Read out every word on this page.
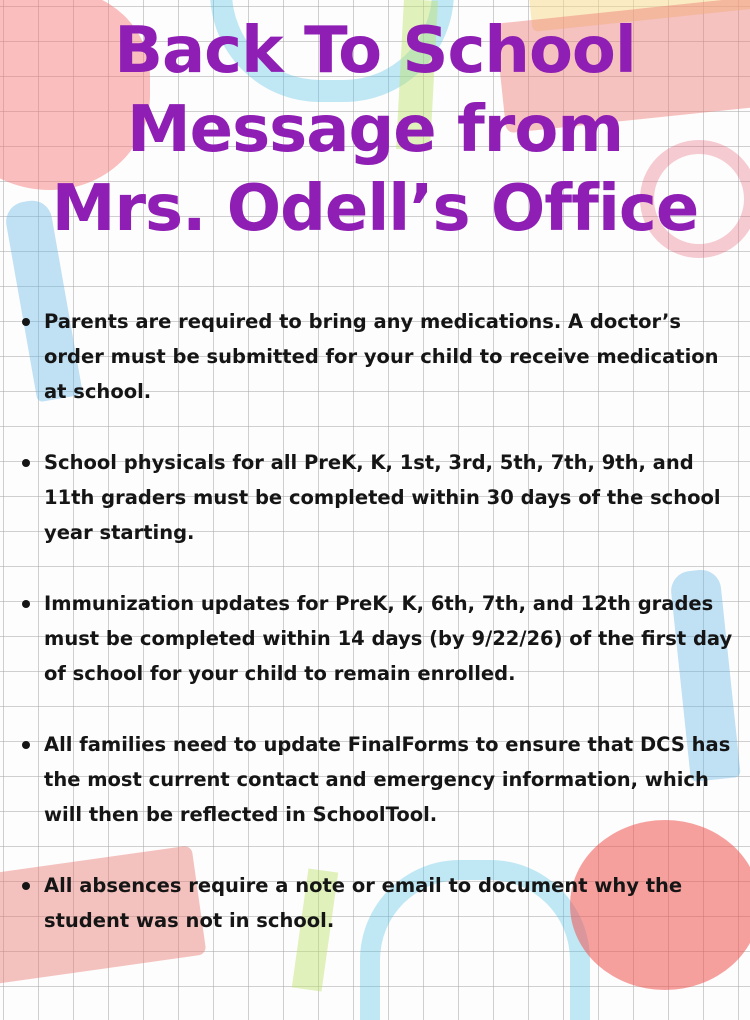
Back To School
Message from
Mrs. Odell’s Office
Parents are required to bring any medications. A doctor’s order must be submitted for your child to receive medication at school.
School physicals for all PreK, K, 1st, 3rd, 5th, 7th, 9th, and 11th graders must be completed within 30 days of the school year starting.
Immunization updates for PreK, K, 6th, 7th, and 12th grades must be completed within 14 days (by 9/22/26) of the first day of school for your child to remain enrolled.
All families need to update FinalForms to ensure that DCS has the most current contact and emergency information, which will then be reflected in SchoolTool.
All absences require a note or email to document why the student was not in school.
